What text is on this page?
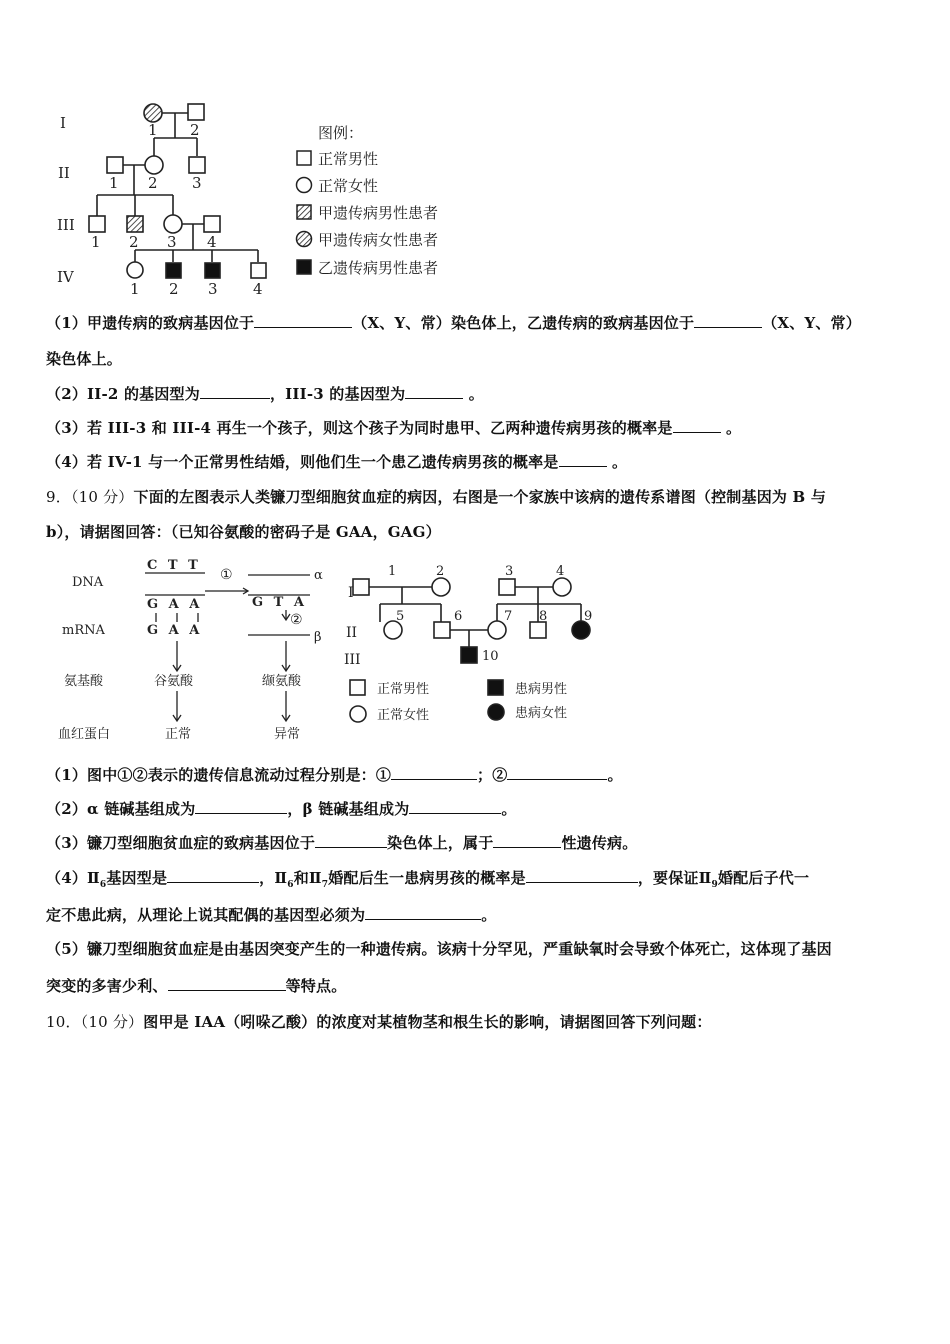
I
II
III
IV
1 2
1 2 3
1 2 3 4
1 2 3 4
图例：
正常男性
正常女性
甲遗传病男性患者
甲遗传病女性患者
乙遗传病男性患者
（1）甲遗传病的致病基因位于	（X、Y、常）染色体上，乙遗传病的致病基因位于	（X、Y、常）
染色体上。
（2）II-2 的基因型为	，III-3 的基因型为	。
（3）若 III-3 和 III-4 再生一个孩子，则这个孩子为同时患甲、乙两种遗传病男孩的概率是	。
（4）若 IV-1 与一个正常男性结婚，则他们生一个患乙遗传病男孩的概率是	。
9．（10 分）下面的左图表示人类镰刀型细胞贫血症的病因，右图是一个家族中该病的遗传系谱图（控制基因为 B 与
b），请据图回答：（已知谷氨酸的密码子是 GAA，GAG）
DNA
mRNA
氨基酸
血红蛋白
C T T
G A A
G A A
G T A
①
②
α
β
谷氨酸	缬氨酸
正常	异常
I
II
III
1	2	3	4
5	6	7 8	9
10
正常男性	患病男性
正常女性	患病女性
（1）图中①②表示的遗传信息流动过程分别是：①	；②	。
（2）α 链碱基组成为	，β 链碱基组成为	。
（3）镰刀型细胞贫血症的致病基因位于	染色体上，属于	性遗传病。
$(4)Ⅱ_6$基因型是	，$Ⅱ_6$和$Ⅱ_7$婚配后生一患病男孩的概率是	，要保证$Ⅱ_9$婚配后子代一
定不患此病，从理论上说其配偶的基因型必须为	。
（5）镰刀型细胞贫血症是由基因突变产生的一种遗传病。该病十分罕见，严重缺氧时会导致个体死亡，这体现了基因
突变的多害少利、	等特点。
10．（10 分）图甲是 IAA（吲哚乙酸）的浓度对某植物茎和根生长的影响，请据图回答下列问题：
